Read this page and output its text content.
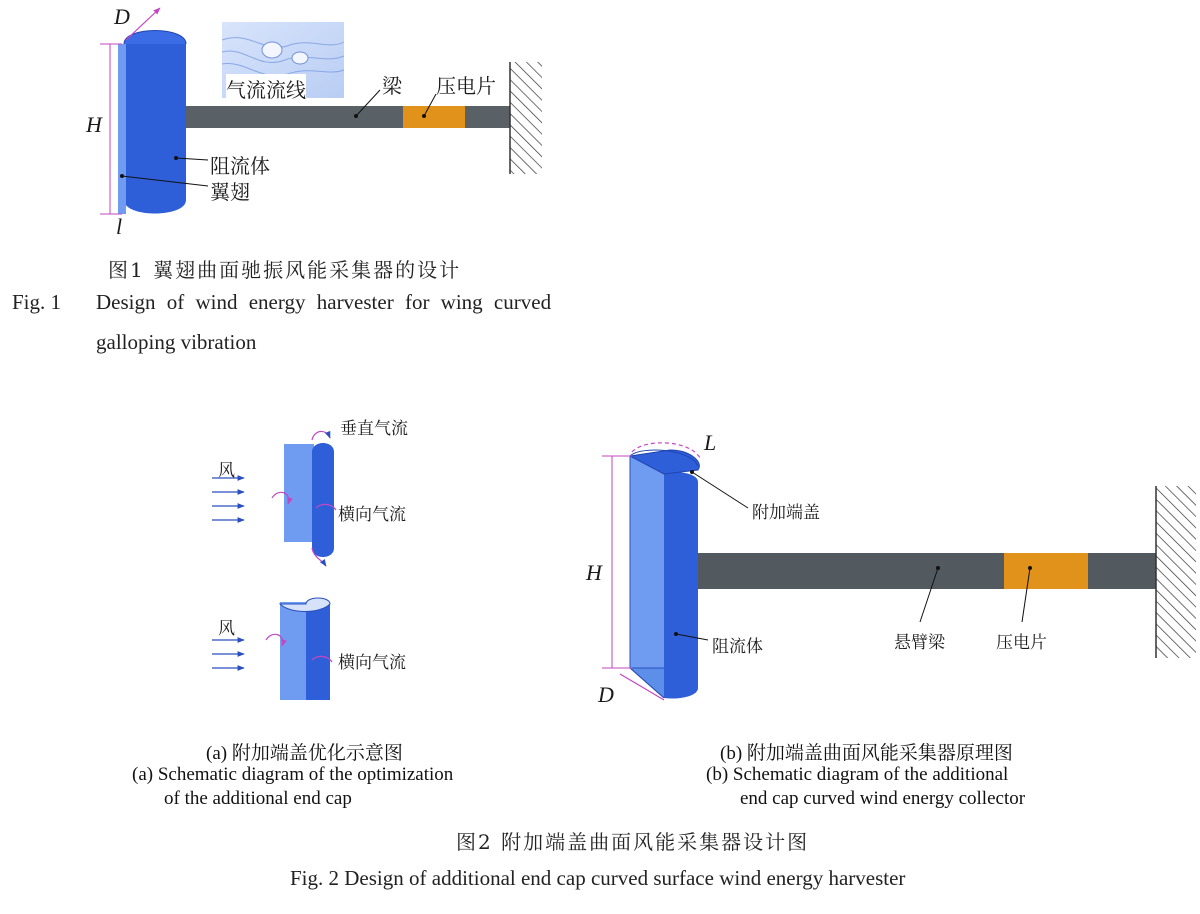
D
H
l
气流流线	梁 压电片
阻流体
翼翅
图1 翼翅曲面驰振风能采集器的设计
Fig. 1 Design of wind energy harvester for wing curved
galloping vibration
垂直气流
风
横向气流
风
横向气流
(a) 附加端盖优化示意图
(a) Schematic diagram of the optimization
of the additional end cap
L
附加端盖
H
阻流体	悬臂梁	压电片
D
(b) 附加端盖曲面风能采集器原理图
(b) Schematic diagram of the additional
end cap curved wind energy collector
图2 附加端盖曲面风能采集器设计图
Fig. 2 Design of additional end cap curved surface wind energy harvester
